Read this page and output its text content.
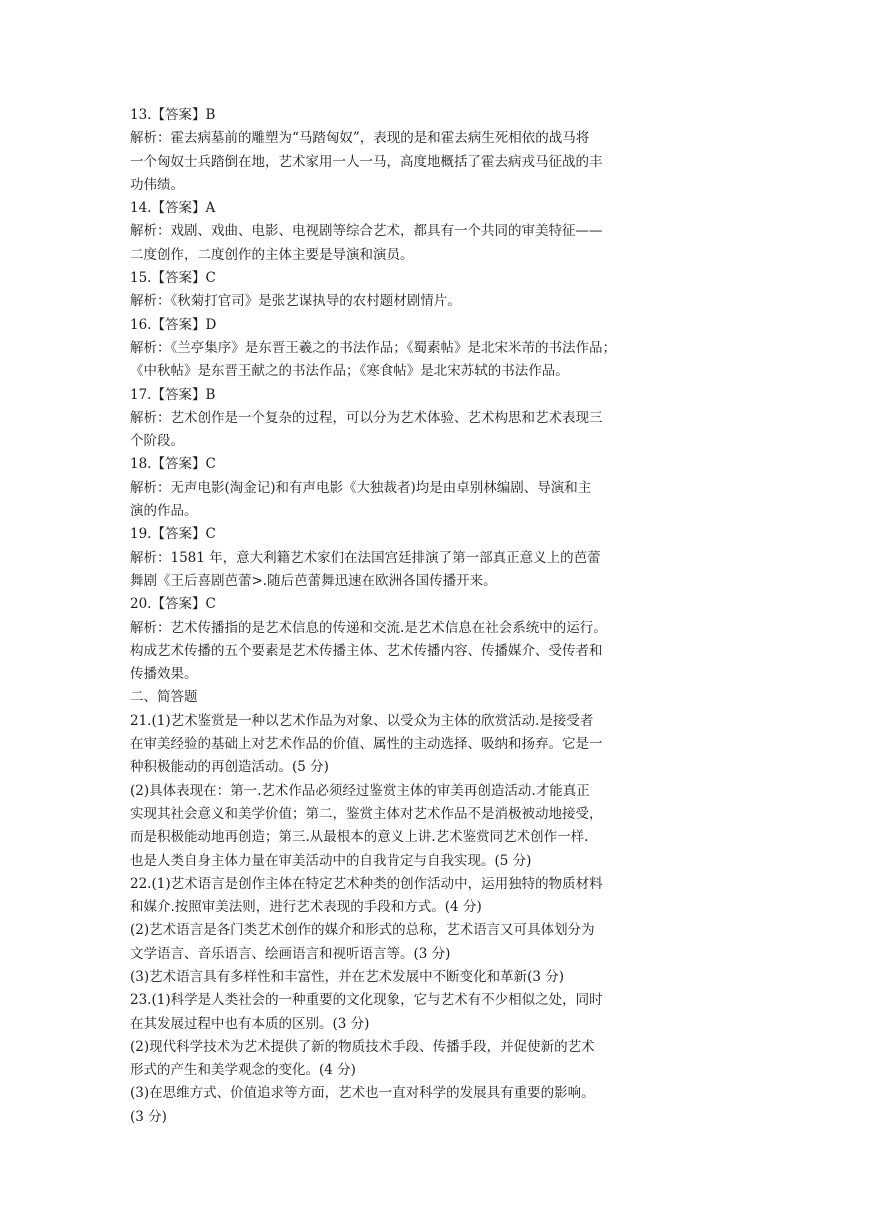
13.【答案】B
解析：霍去病墓前的雕塑为“马踏匈奴”，表现的是和霍去病生死相依的战马将
一个匈奴士兵踏倒在地，艺术家用一人一马，高度地概括了霍去病戎马征战的丰
功伟绩。
14.【答案】A
解析：戏剧、戏曲、电影、电视剧等综合艺术，都具有一个共同的审美特征——
二度创作，二度创作的主体主要是导演和演员。
15.【答案】C
解析：《秋菊打官司》是张艺谋执导的农村题材剧情片。
16.【答案】D
解析：《兰亭集序》是东晋王羲之的书法作品；《蜀素帖》是北宋米芾的书法作品；
《中秋帖》是东晋王献之的书法作品；《寒食帖》是北宋苏轼的书法作品。
17.【答案】B
解析：艺术创作是一个复杂的过程，可以分为艺术体验、艺术构思和艺术表现三
个阶段。
18.【答案】C
解析：无声电影(淘金记)和有声电影《大独裁者)均是由卓别林编剧、导演和主
演的作品。
19.【答案】C
解析：1581 年，意大利籍艺术家们在法国宫廷排演了第一部真正意义上的芭蕾
舞剧《王后喜剧芭蕾>.随后芭蕾舞迅速在欧洲各国传播开来。
20.【答案】C
解析：艺术传播指的是艺术信息的传递和交流.是艺术信息在社会系统中的运行。
构成艺术传播的五个要素是艺术传播主体、艺术传播内容、传播媒介、受传者和
传播效果。
二、简答题
21.(1)艺术鉴赏是一种以艺术作品为对象、以受众为主体的欣赏活动.是接受者
在审美经验的基础上对艺术作品的价值、属性的主动选择、吸纳和扬弃。它是一
种积极能动的再创造活动。(5 分)
(2)具体表现在：第一.艺术作品必须经过鉴赏主体的审美再创造活动.才能真正
实现其社会意义和美学价值；第二，鉴赏主体对艺术作品不是消极被动地接受，
而是积极能动地再创造；第三.从最根本的意义上讲.艺术鉴赏同艺术创作一样.
也是人类自身主体力量在审美活动中的自我肯定与自我实现。(5 分)
22.(1)艺术语言是创作主体在特定艺术种类的创作活动中，运用独特的物质材料
和媒介.按照审美法则，进行艺术表现的手段和方式。(4 分)
(2)艺术语言是各门类艺术创作的媒介和形式的总称，艺术语言又可具体划分为
文学语言、音乐语言、绘画语言和视听语言等。(3 分)
(3)艺术语言具有多样性和丰富性，并在艺术发展中不断变化和革新(3 分)
23.(1)科学是人类社会的一种重要的文化现象，它与艺术有不少相似之处，同时
在其发展过程中也有本质的区别。(3 分)
(2)现代科学技术为艺术提供了新的物质技术手段、传播手段，并促使新的艺术
形式的产生和美学观念的变化。(4 分)
(3)在思维方式、价值追求等方面，艺术也一直对科学的发展具有重要的影响。
(3 分)
